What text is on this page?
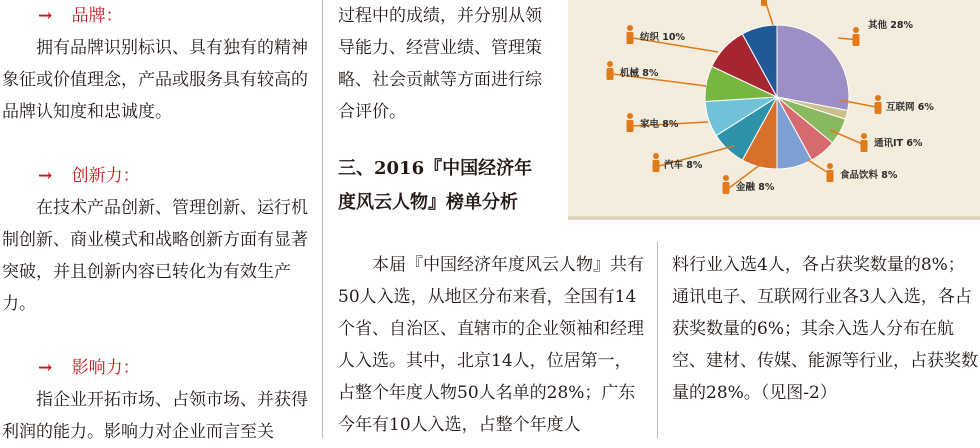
→ 品牌：

拥有品牌识别标识、具有独有的精神象征或价值理念，产品或服务具有较高的品牌认知度和忠诚度。

→ 创新力：

在技术产品创新、管理创新、运行机制创新、商业模式和战略创新方面有显著突破，并且创新内容已转化为有效生产力。

→ 影响力：

指企业开拓市场、占领市场、并获得利润的能力。影响力对企业而言至关

过程中的成绩，并分别从领导能力、经营业绩、管理策略、社会贡献等方面进行综合评价。

三、2016『中国经济年
度风云人物』榜单分析
其他 28%
互联网 6%
通讯IT 6%
食品饮料 8%
金融 8%
汽车 8%
家电 8%
机械 8%
纺织 10%

本届『中国经济年度风云人物』共有50人入选，从地区分布来看，全国有14个省、自治区、直辖市的企业领袖和经理人入选。其中，北京14人，位居第一，占整个年度人物50人名单的28%；广东今年有10人入选，占整个年度人

料行业入选4人，各占获奖数量的8%；通讯电子、互联网行业各3人入选，各占获奖数量的6%；其余入选人分布在航空、建材、传媒、能源等行业，占获奖数量的28%。（见图-2）
